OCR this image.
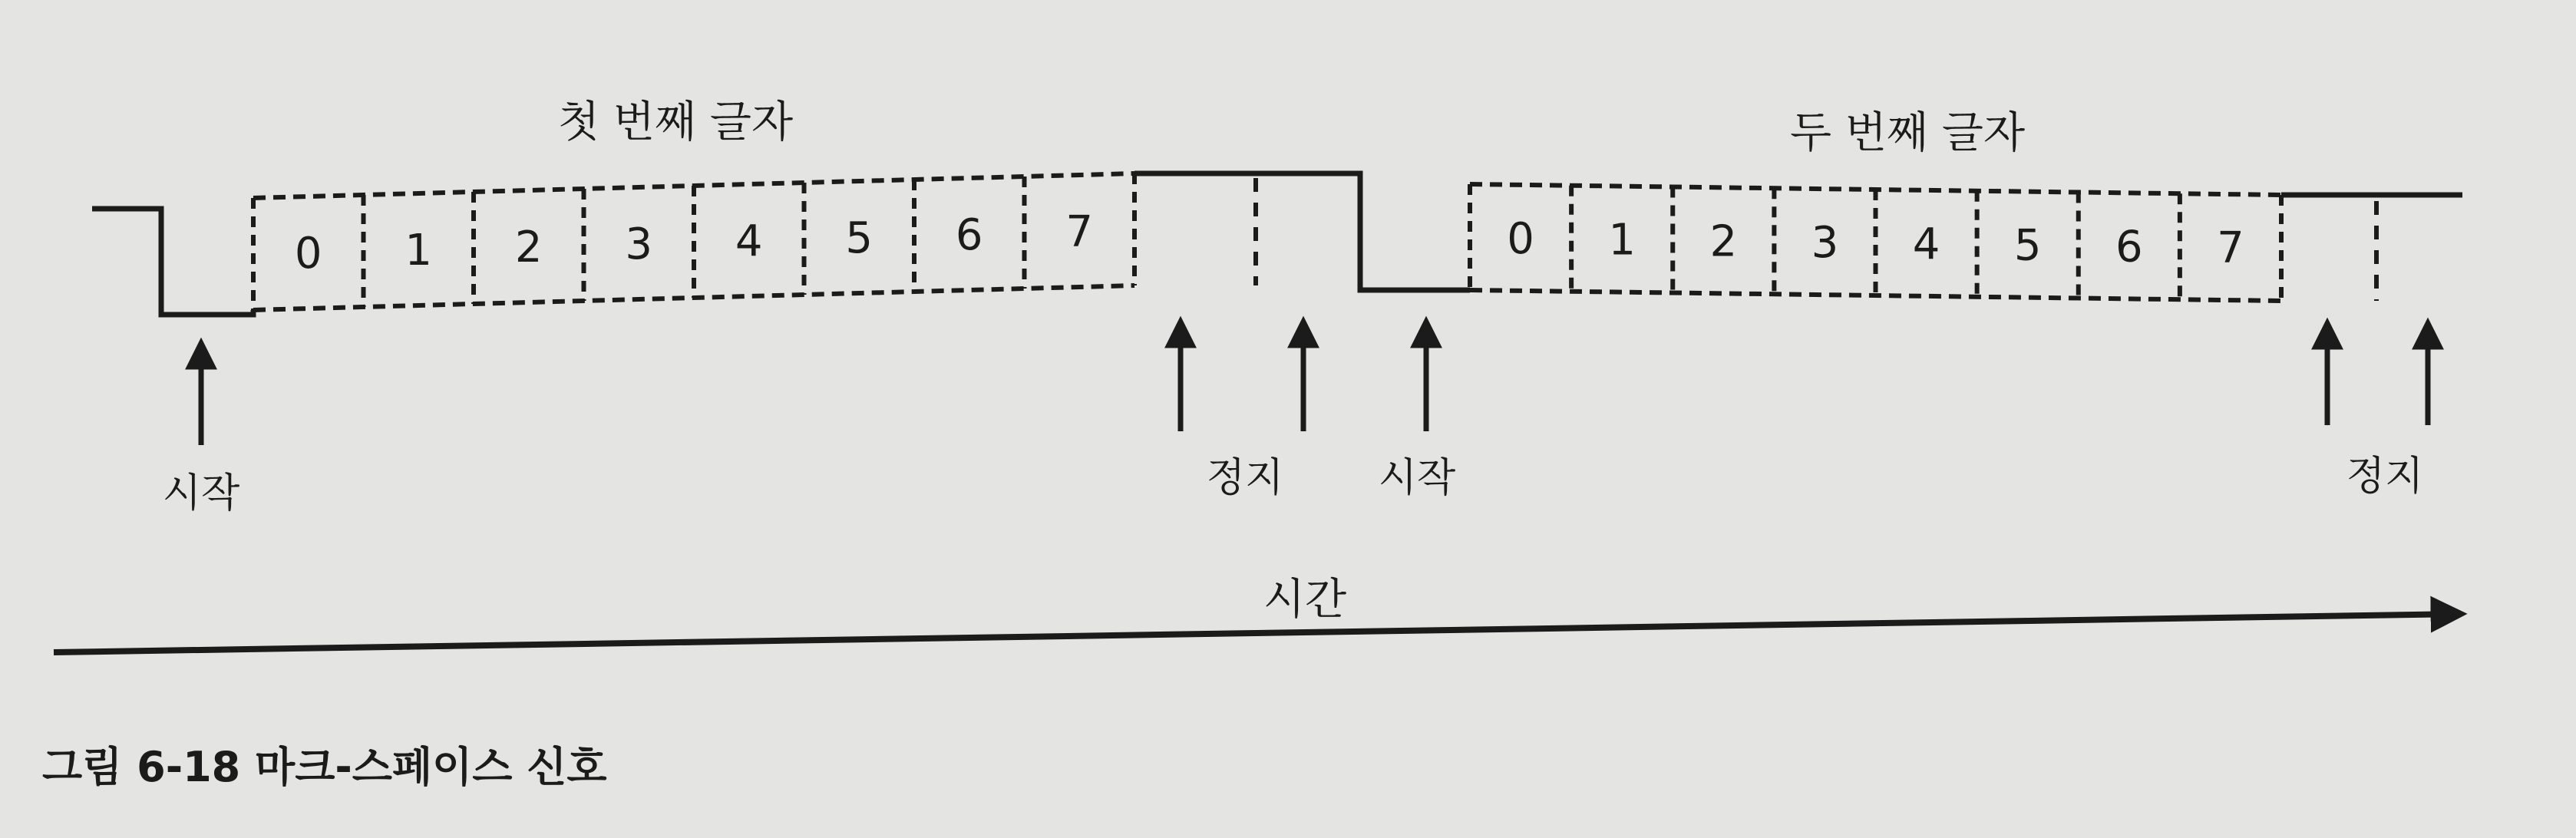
첫 번째 글자	두 번째 글자
0 1 2 3 4 5 6 7	0 1 2 3 4 5 6 7
시작	정지 시작	정지
시간
그림 6-18 마크-스페이스 신호
